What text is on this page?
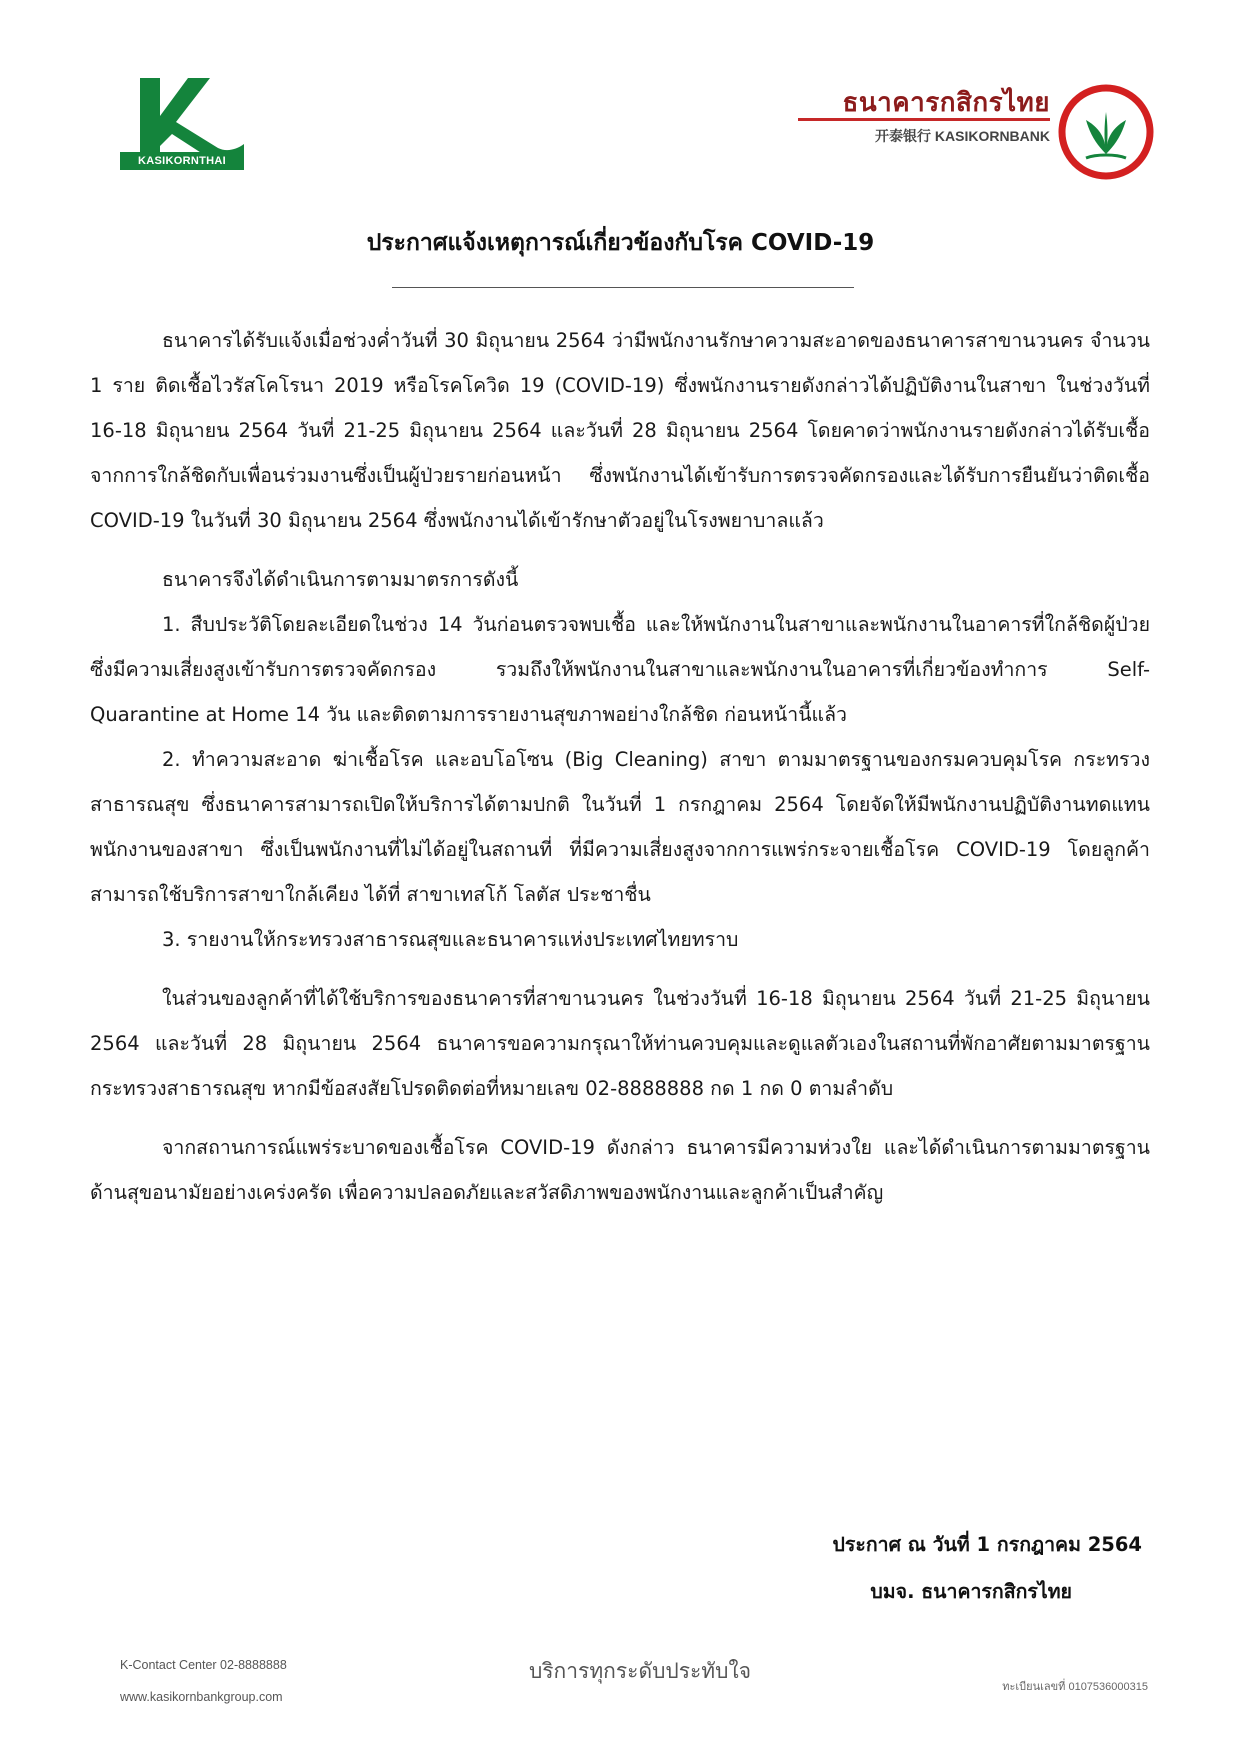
KASIKORNTHAI
ธนาคารกสิกรไทย
开泰银行 KASIKORNBANK
ประกาศแจ้งเหตุการณ์เกี่ยวข้องกับโรค COVID-19

ธนาคารได้รับแจ้งเมื่อช่วงค่ำวันที่ 30 มิถุนายน 2564 ว่ามีพนักงานรักษาความสะอาดของธนาคารสาขานวนคร จำนวน 1 ราย ติดเชื้อไวรัสโคโรนา 2019 หรือโรคโควิด 19 (COVID-19) ซึ่งพนักงานรายดังกล่าวได้ปฏิบัติงานในสาขา ในช่วงวันที่ 16-18 มิถุนายน 2564 วันที่ 21-25 มิถุนายน 2564 และวันที่ 28 มิถุนายน 2564 โดยคาดว่าพนักงานรายดังกล่าวได้รับเชื้อจากการใกล้ชิดกับเพื่อนร่วมงานซึ่งเป็นผู้ป่วยรายก่อนหน้า ซึ่งพนักงานได้เข้ารับการตรวจคัดกรองและได้รับการยืนยันว่าติดเชื้อ COVID-19 ในวันที่ 30 มิถุนายน 2564 ซึ่งพนักงานได้เข้ารักษาตัวอยู่ในโรงพยาบาลแล้ว

ธนาคารจึงได้ดำเนินการตามมาตรการดังนี้

1. สืบประวัติโดยละเอียดในช่วง 14 วันก่อนตรวจพบเชื้อ และให้พนักงานในสาขาและพนักงานในอาคารที่ใกล้ชิดผู้ป่วยซึ่งมีความเสี่ยงสูงเข้ารับการตรวจคัดกรอง รวมถึงให้พนักงานในสาขาและพนักงานในอาคารที่เกี่ยวข้องทำการ Self-Quarantine at Home 14 วัน และติดตามการรายงานสุขภาพอย่างใกล้ชิด ก่อนหน้านี้แล้ว

2. ทำความสะอาด ฆ่าเชื้อโรค และอบโอโซน (Big Cleaning) สาขา ตามมาตรฐานของกรมควบคุมโรค กระทรวงสาธารณสุข ซึ่งธนาคารสามารถเปิดให้บริการได้ตามปกติ ในวันที่ 1 กรกฎาคม 2564 โดยจัดให้มีพนักงานปฏิบัติงานทดแทนพนักงานของสาขา ซึ่งเป็นพนักงานที่ไม่ได้อยู่ในสถานที่ ที่มีความเสี่ยงสูงจากการแพร่กระจายเชื้อโรค COVID-19 โดยลูกค้าสามารถใช้บริการสาขาใกล้เคียง ได้ที่ สาขาเทสโก้ โลตัส ประชาชื่น

3. รายงานให้กระทรวงสาธารณสุขและธนาคารแห่งประเทศไทยทราบ

ในส่วนของลูกค้าที่ได้ใช้บริการของธนาคารที่สาขานวนคร ในช่วงวันที่ 16-18 มิถุนายน 2564 วันที่ 21-25 มิถุนายน 2564 และวันที่ 28 มิถุนายน 2564 ธนาคารขอความกรุณาให้ท่านควบคุมและดูแลตัวเองในสถานที่พักอาศัยตามมาตรฐานกระทรวงสาธารณสุข หากมีข้อสงสัยโปรดติดต่อที่หมายเลข 02-8888888 กด 1 กด 0 ตามลำดับ

จากสถานการณ์แพร่ระบาดของเชื้อโรค COVID-19 ดังกล่าว ธนาคารมีความห่วงใย และได้ดำเนินการตามมาตรฐานด้านสุขอนามัยอย่างเคร่งครัด เพื่อความปลอดภัยและสวัสดิภาพของพนักงานและลูกค้าเป็นสำคัญ

ประกาศ ณ วันที่ 1 กรกฎาคม 2564
บมจ. ธนาคารกสิกรไทย
K-Contact Center 02-8888888
www.kasikornbankgroup.com
บริการทุกระดับประทับใจ
ทะเบียนเลขที่ 0107536000315
